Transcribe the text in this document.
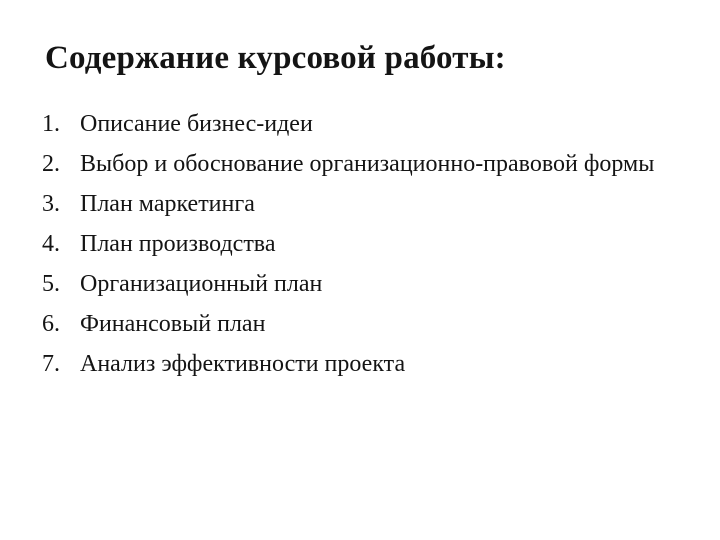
Содержание курсовой работы:
1. Описание бизнес-идеи
2. Выбор и обоснование организационно-правовой формы
3. План маркетинга
4. План производства
5. Организационный план
6. Финансовый план
7. Анализ эффективности проекта
